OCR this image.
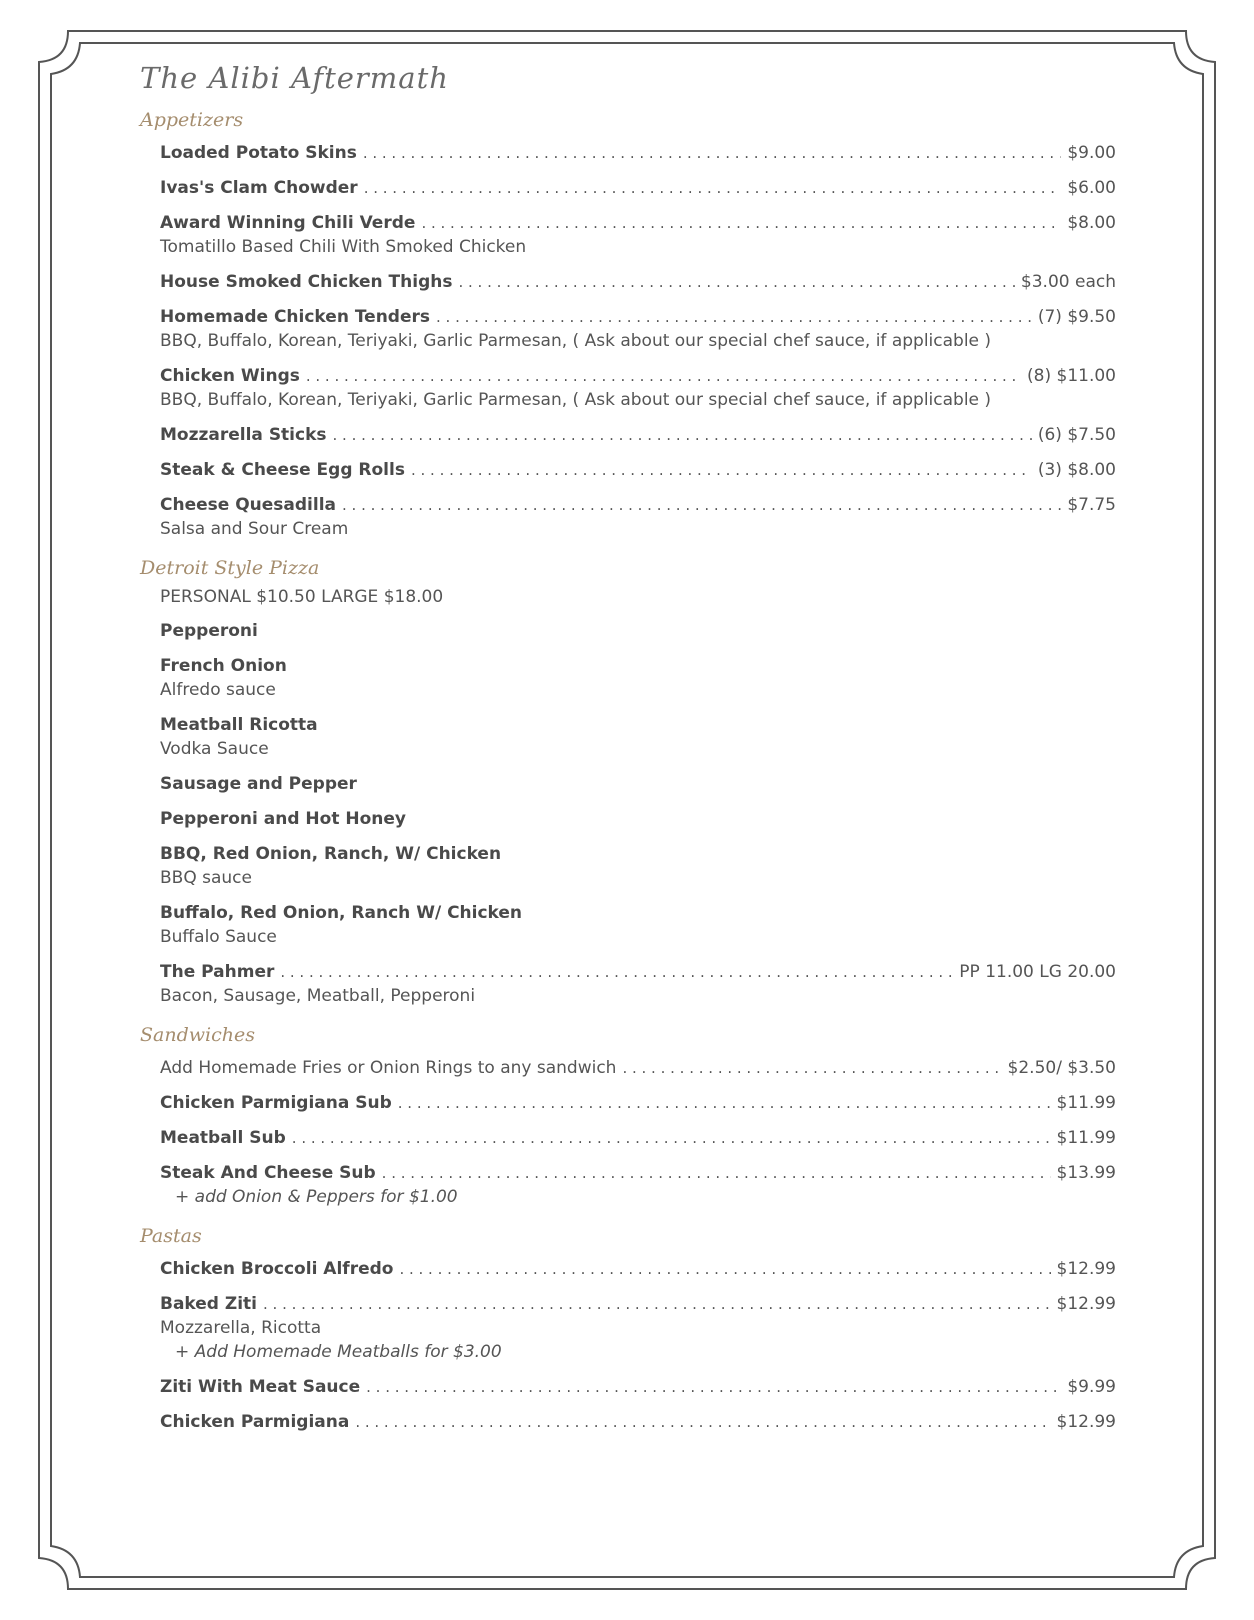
The Alibi Aftermath
Appetizers
Loaded Potato Skins . . .	$9.00
Ivas's Clam Chowder . . .	$6.00
Award Winning Chili Verde . . .	$8.00
Tomatillo Based Chili With Smoked Chicken
House Smoked Chicken Thighs . . .	$3.00 each
Homemade Chicken Tenders . . .	(7) $9.50
BBQ, Buffalo, Korean, Teriyaki, Garlic Parmesan, ( Ask about our special chef sauce, if applicable )
Chicken Wings . . .	(8) $11.00
BBQ, Buffalo, Korean, Teriyaki, Garlic Parmesan, ( Ask about our special chef sauce, if applicable )
Mozzarella Sticks . . .	(6) $7.50
Steak & Cheese Egg Rolls . . .	(3) $8.00
Cheese Quesadilla . . .	$7.75
Salsa and Sour Cream
Detroit Style Pizza
PERSONAL $10.50 LARGE $18.00
Pepperoni
French Onion
Alfredo sauce
Meatball Ricotta
Vodka Sauce
Sausage and Pepper
Pepperoni and Hot Honey
BBQ, Red Onion, Ranch, W/ Chicken
BBQ sauce
Buffalo, Red Onion, Ranch W/ Chicken
Buffalo Sauce
The Pahmer . . .	PP 11.00 LG 20.00
Bacon, Sausage, Meatball, Pepperoni
Sandwiches
Add Homemade Fries or Onion Rings to any sandwich . . .	$2.50/ $3.50
Chicken Parmigiana Sub . . .	$11.99
Meatball Sub . . .	$11.99
Steak And Cheese Sub . . .	$13.99
+ add Onion & Peppers for $1.00
Pastas
Chicken Broccoli Alfredo . . .	$12.99
Baked Ziti . . .	$12.99
Mozzarella, Ricotta
+ Add Homemade Meatballs for $3.00
Ziti With Meat Sauce . . .	$9.99
Chicken Parmigiana . . .	$12.99
